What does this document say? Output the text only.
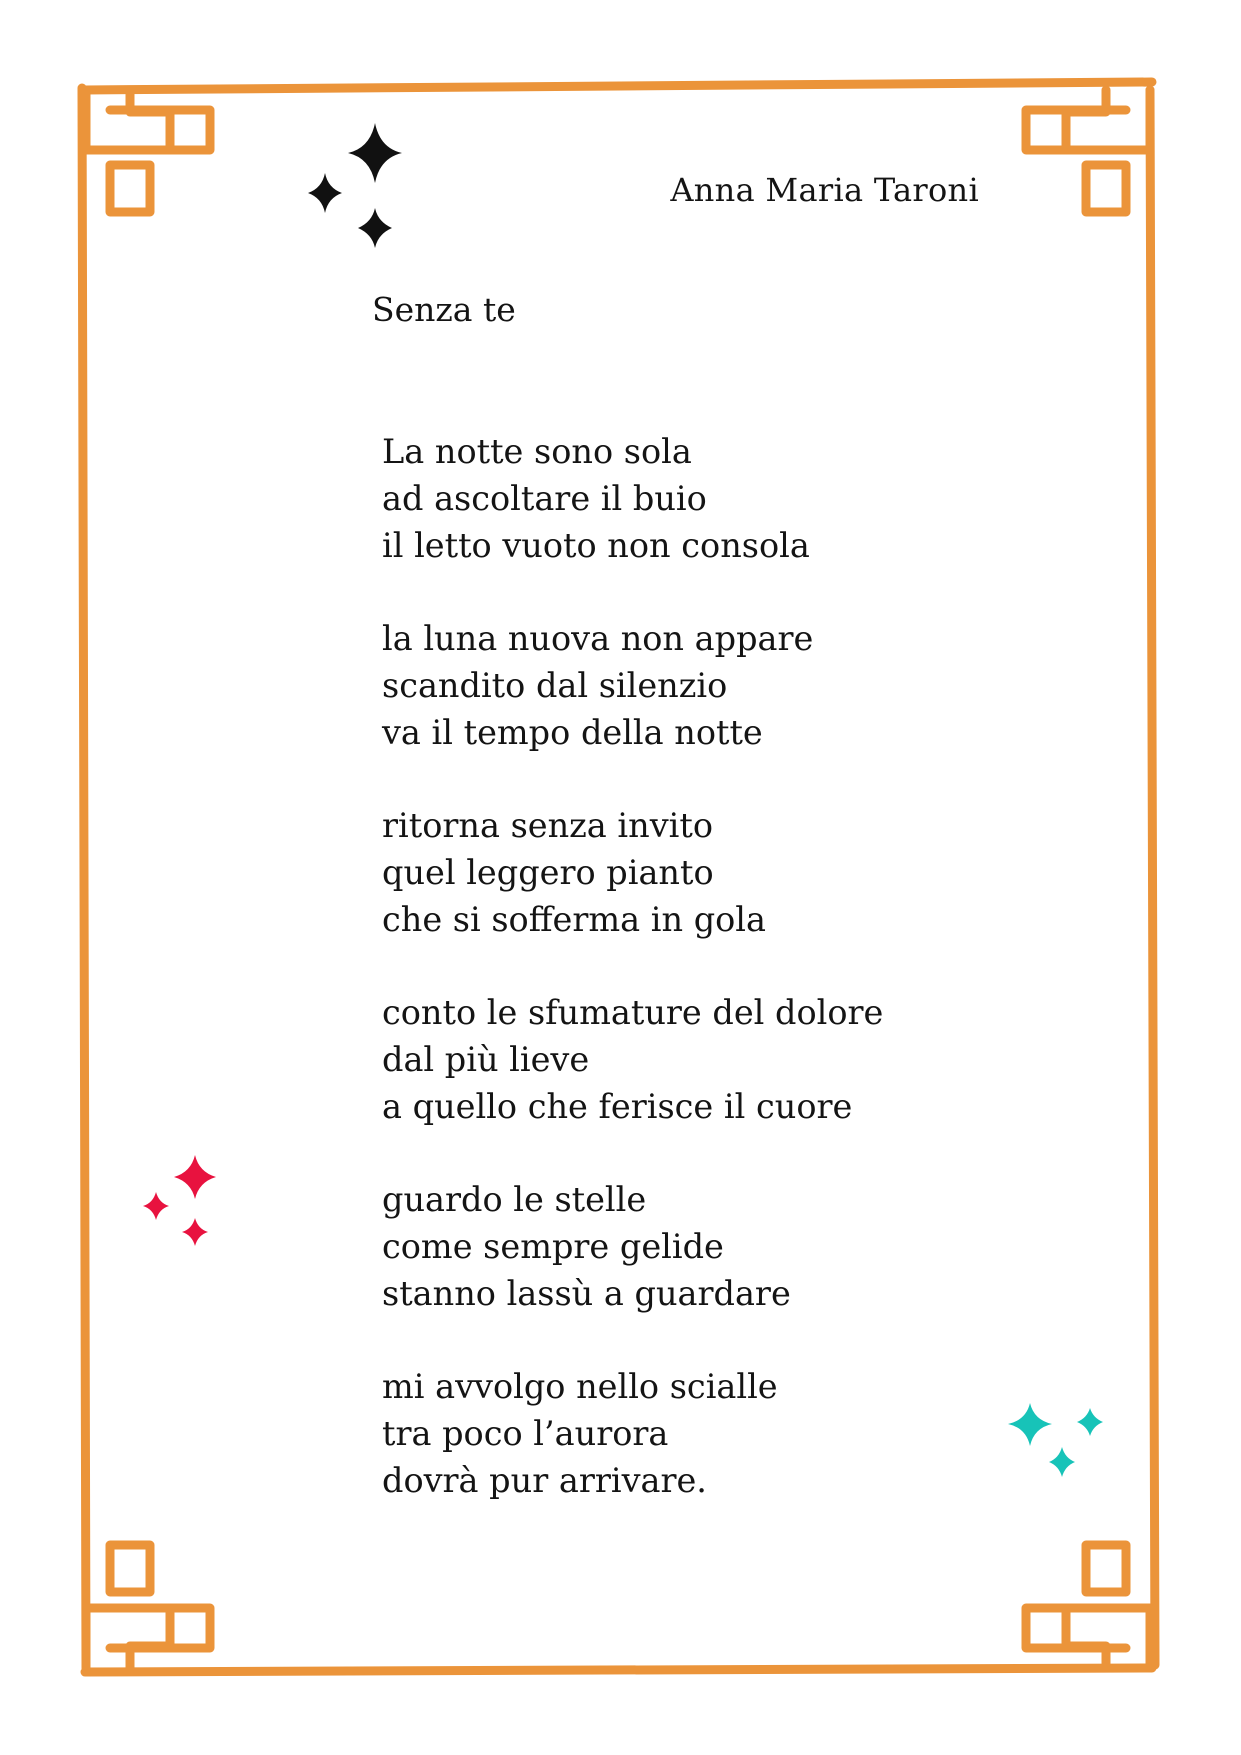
Anna Maria Taroni
Senza te
La notte sono sola
ad ascoltare il buio
il letto vuoto non consola
la luna nuova non appare
scandito dal silenzio
va il tempo della notte
ritorna senza invito
quel leggero pianto
che si sofferma in gola
conto le sfumature del dolore
dal più lieve
a quello che ferisce il cuore
guardo le stelle
come sempre gelide
stanno lassù a guardare
mi avvolgo nello scialle
tra poco l’aurora
dovrà pur arrivare.
